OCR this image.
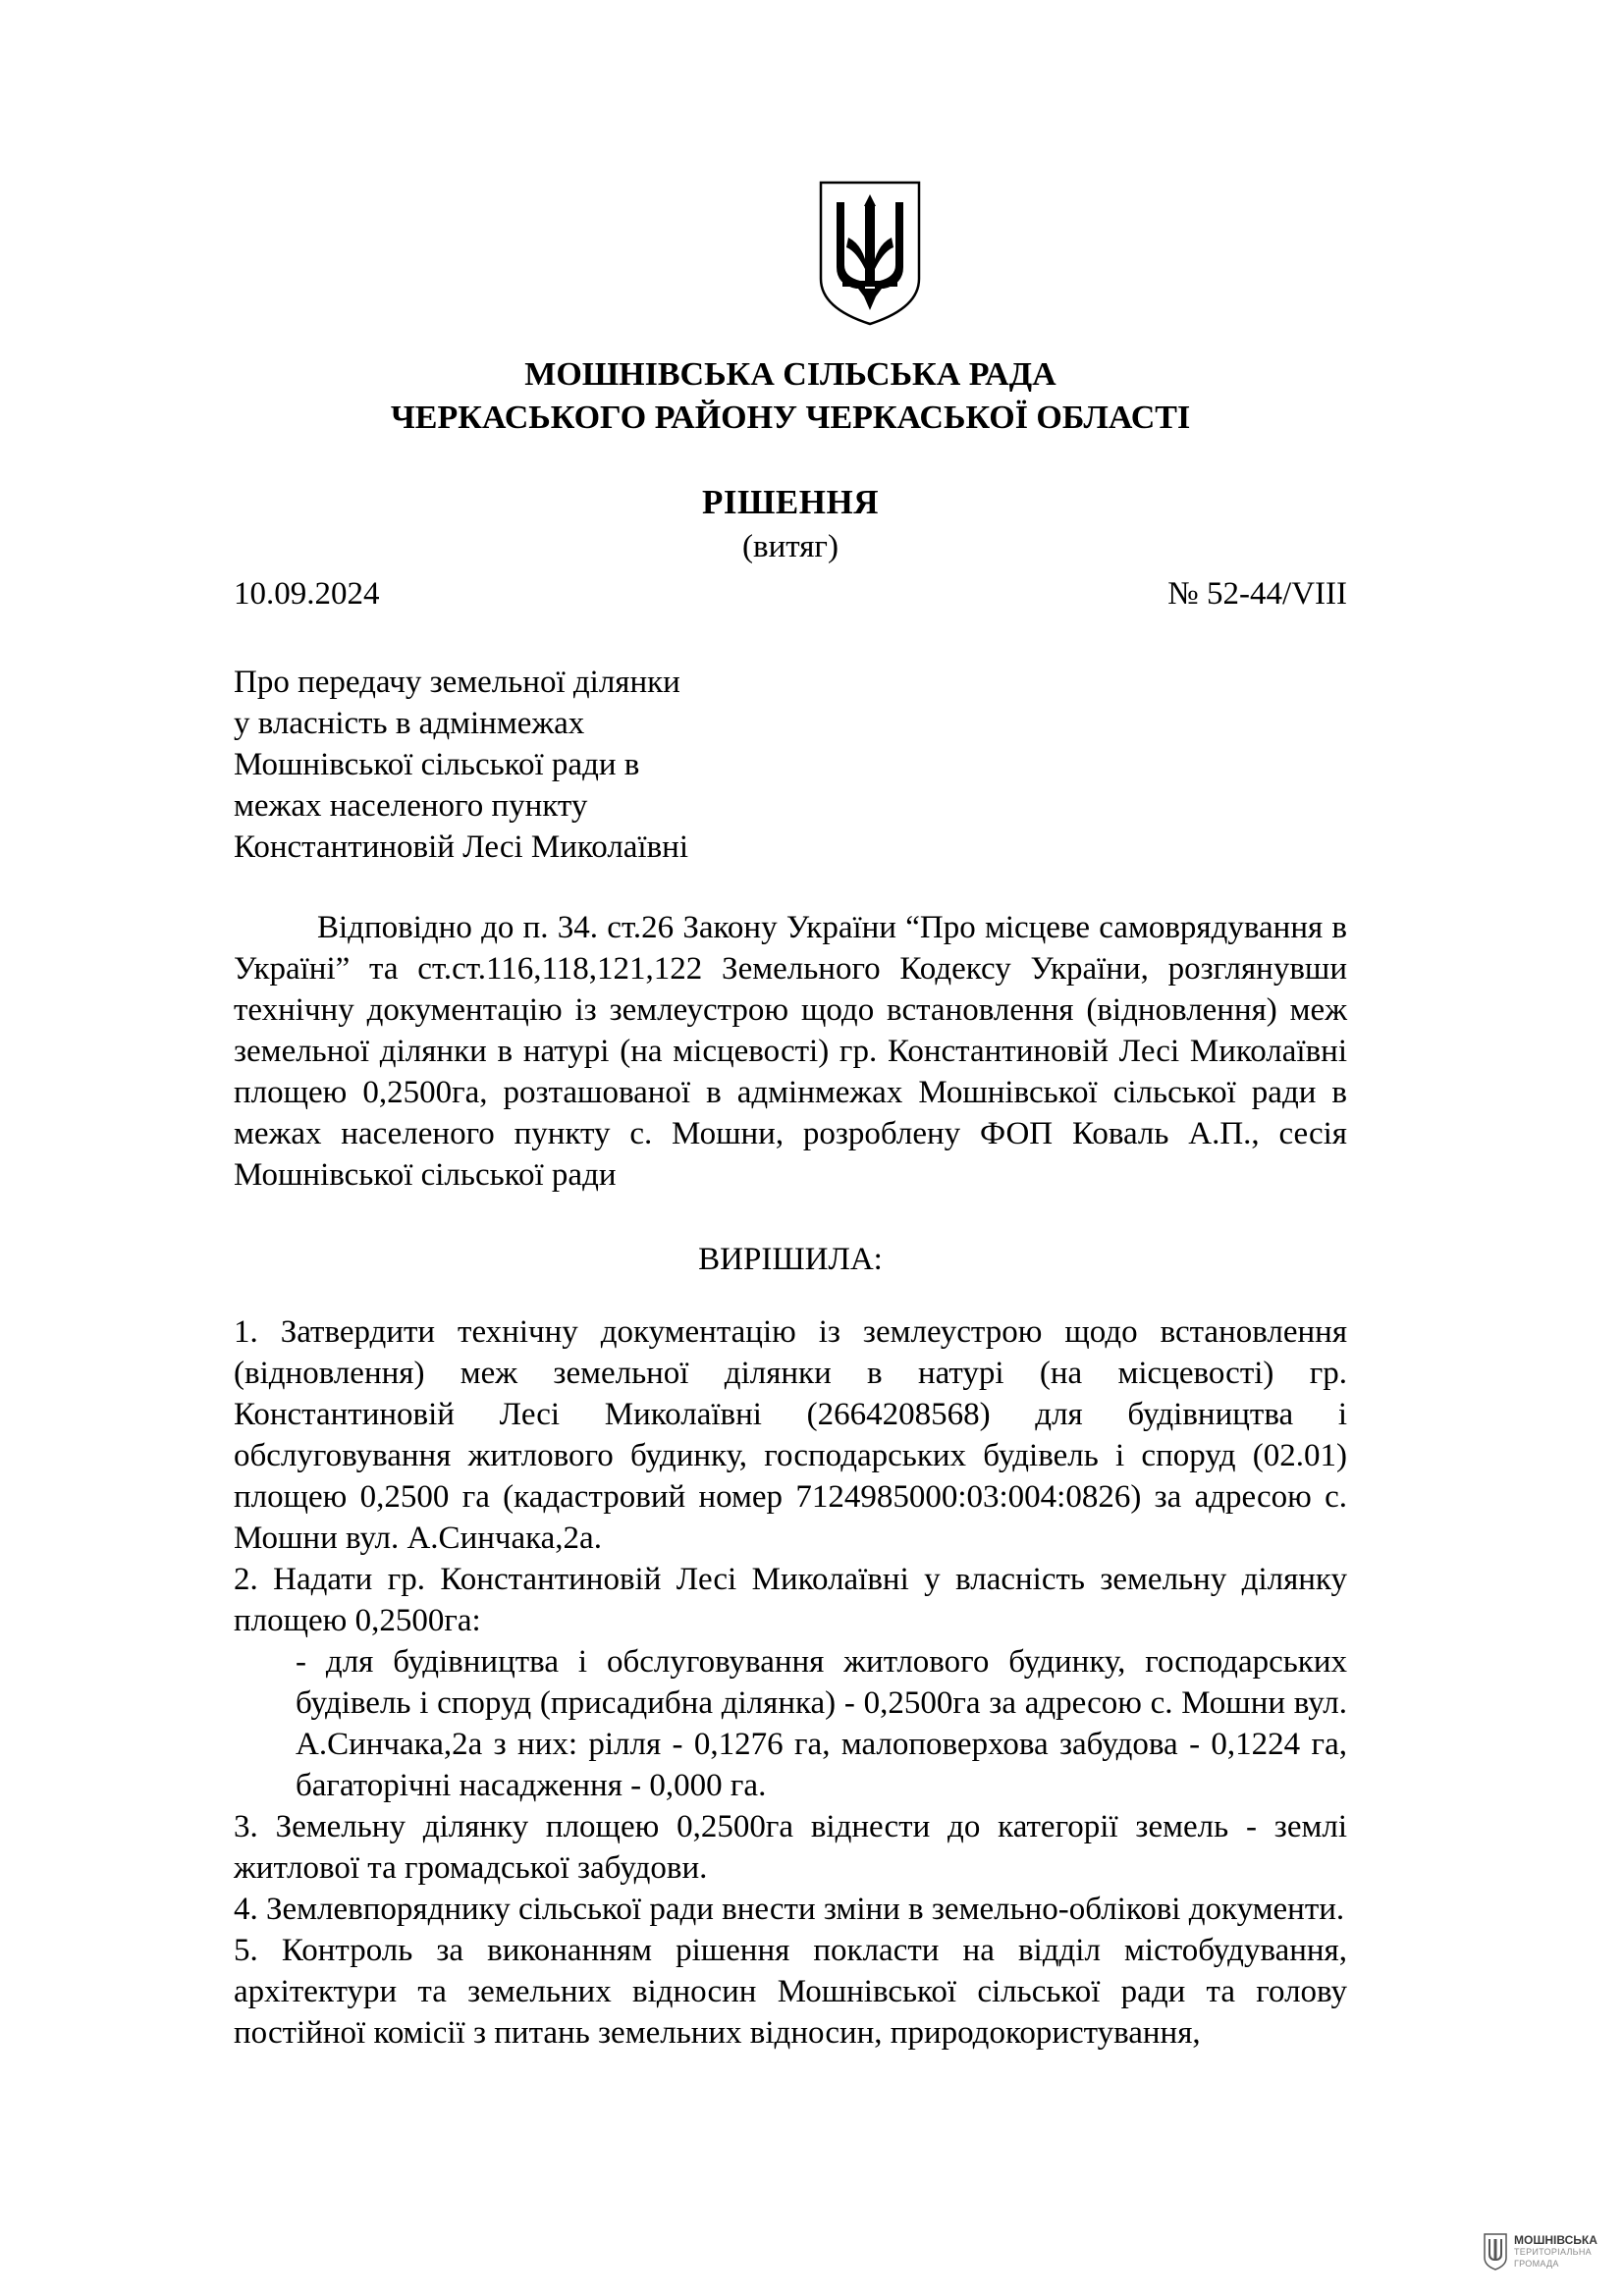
МОШНІВСЬКА СІЛЬСЬКА РАДА
ЧЕРКАСЬКОГО РАЙОНУ ЧЕРКАСЬКОЇ ОБЛАСТІ
РІШЕННЯ
(витяг)
10.09.2024	№ 52-44/VIII
Про передачу земельної ділянки
у власність в адмінмежах
Мошнівської сільської ради в
межах населеного пункту
Константиновій Лесі Миколаївні
Відповідно до п. 34. ст.26 Закону України “Про місцеве самоврядування в Україні” та ст.ст.116,118,121,122 Земельного Кодексу України, розглянувши технічну документацію із землеустрою щодо встановлення (відновлення) меж земельної ділянки в натурі (на місцевості) гр. Константиновій Лесі Миколаївні площею 0,2500га, розташованої в адмінмежах Мошнівської сільської ради в межах населеного пункту с. Мошни, розроблену ФОП Коваль А.П., сесія Мошнівської сільської ради
ВИРІШИЛА:

1. Затвердити технічну документацію із землеустрою щодо встановлення (відновлення) меж земельної ділянки в натурі (на місцевості) гр. Константиновій Лесі Миколаївні (2664208568) для будівництва і обслуговування житлового будинку, господарських будівель і споруд (02.01) площею 0,2500 га (кадастровий номер 7124985000:03:004:0826) за адресою с. Мошни вул. А.Синчака,2а.

2. Надати гр. Константиновій Лесі Миколаївні у власність земельну ділянку площею 0,2500га:

- для будівництва і обслуговування житлового будинку, господарських будівель і споруд (присадибна ділянка) - 0,2500га за адресою с. Мошни вул. А.Синчака,2а з них: рілля - 0,1276 га, малоповерхова забудова - 0,1224 га, багаторічні насадження - 0,000 га.

3. Земельну ділянку площею 0,2500га віднести до категорії земель - землі житлової та громадської забудови.

4. Землевпоряднику сільської ради внести зміни в земельно-облікові документи.

5. Контроль за виконанням рішення покласти на відділ містобудування, архітектури та земельних відносин Мошнівської сільської ради та голову постійної комісії з питань земельних відносин, природокористування,

МОШНІВСЬКА
ТЕРИТОРІАЛЬНА
ГРОМАДА
